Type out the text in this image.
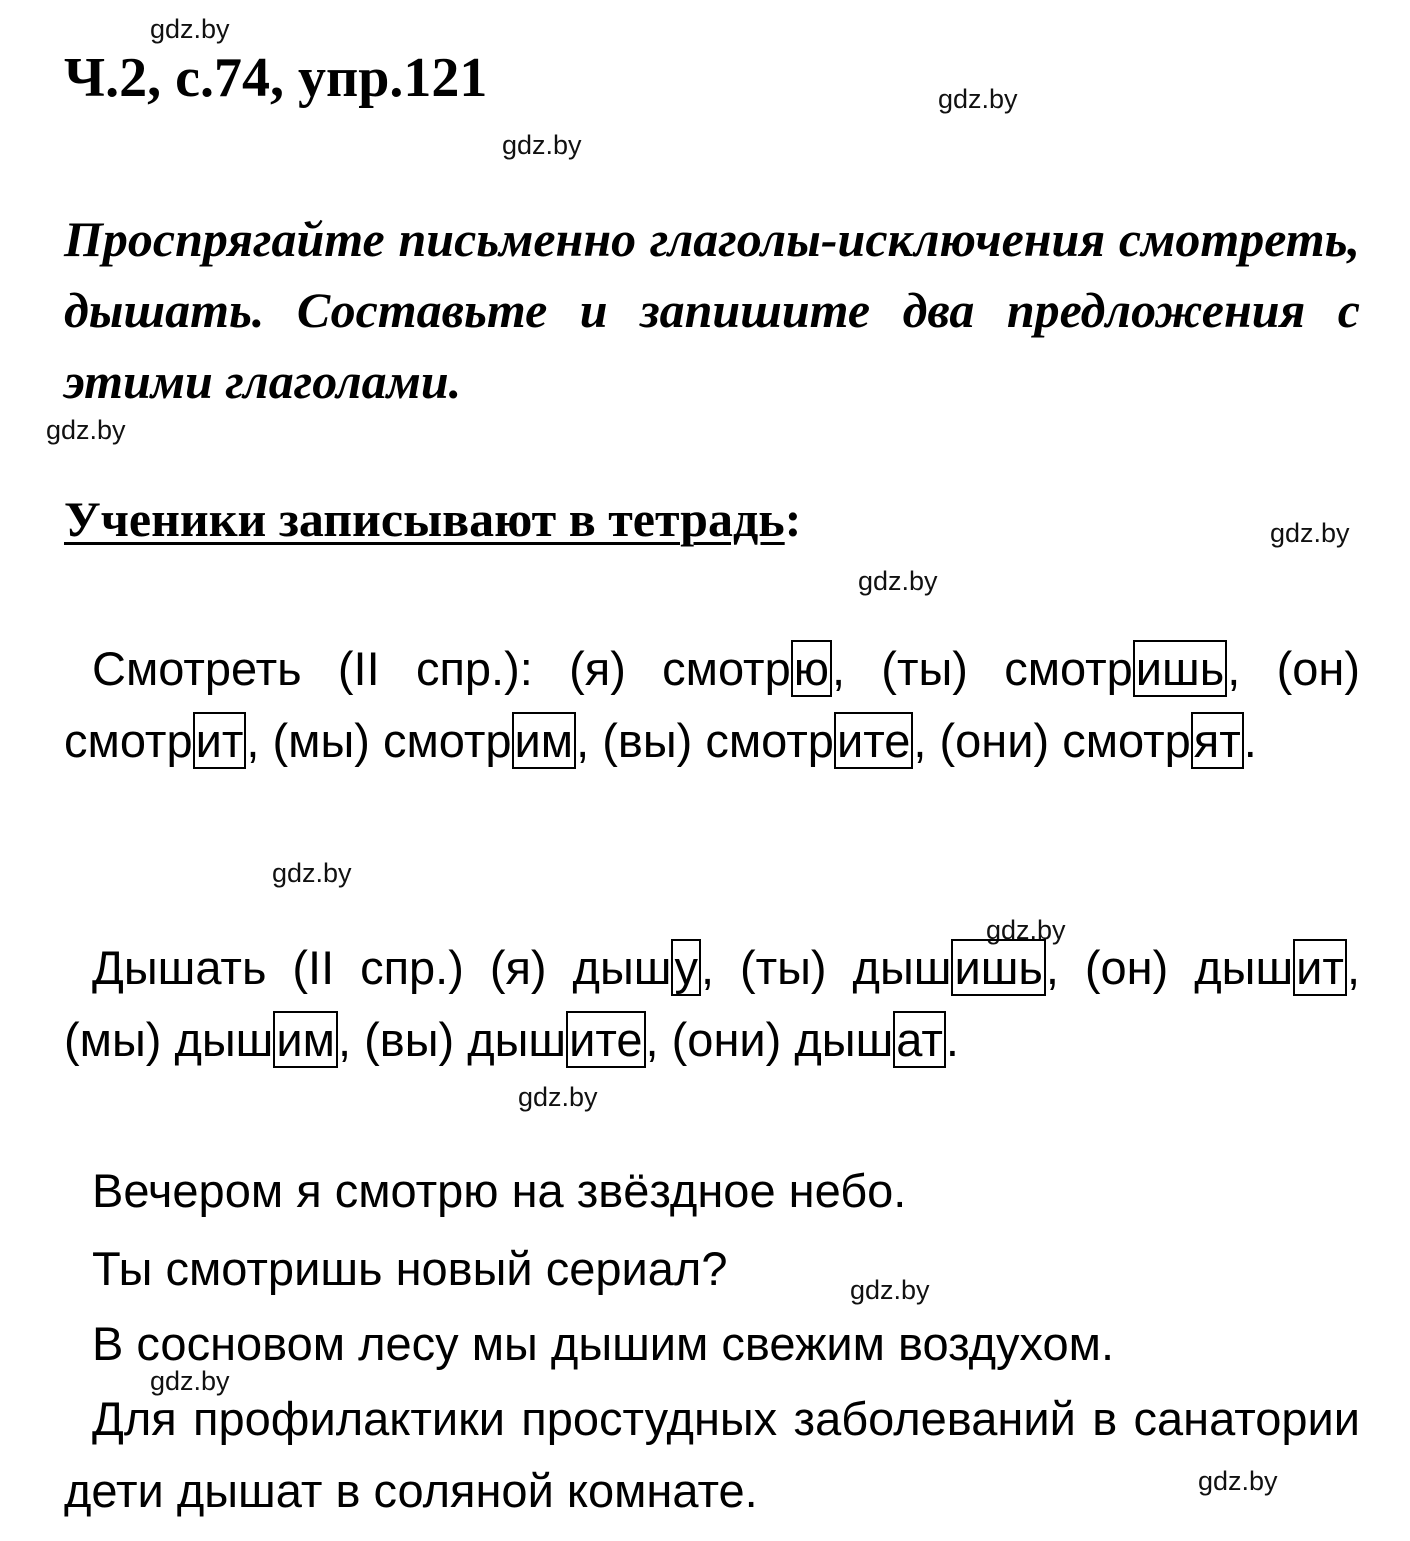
gdz.by
gdz.by
gdz.by
gdz.by
gdz.by
gdz.by
gdz.by
gdz.by
gdz.by
gdz.by
gdz.by
gdz.by
Ч.2, с.74, упр.121

Проспрягайте письменно глаголы-исключения смотреть, дышать. Составьте и запишите два предложения с этими глаголами.

Ученики записывают в тетрадь:

Смотреть (II спр.): (я) смотрю, (ты) смотришь, (он) смотрит, (мы) смотрим, (вы) смотрите, (они) смотрят.

Дышать (II спр.) (я) дышу, (ты) дышишь, (он) дышит, (мы) дышим, (вы) дышите, (они) дышат.

Вечером я смотрю на звёздное небо.

Ты смотришь новый сериал?

В сосновом лесу мы дышим свежим воздухом.

Для профилактики простудных заболеваний в санатории дети дышат в соляной комнате.
